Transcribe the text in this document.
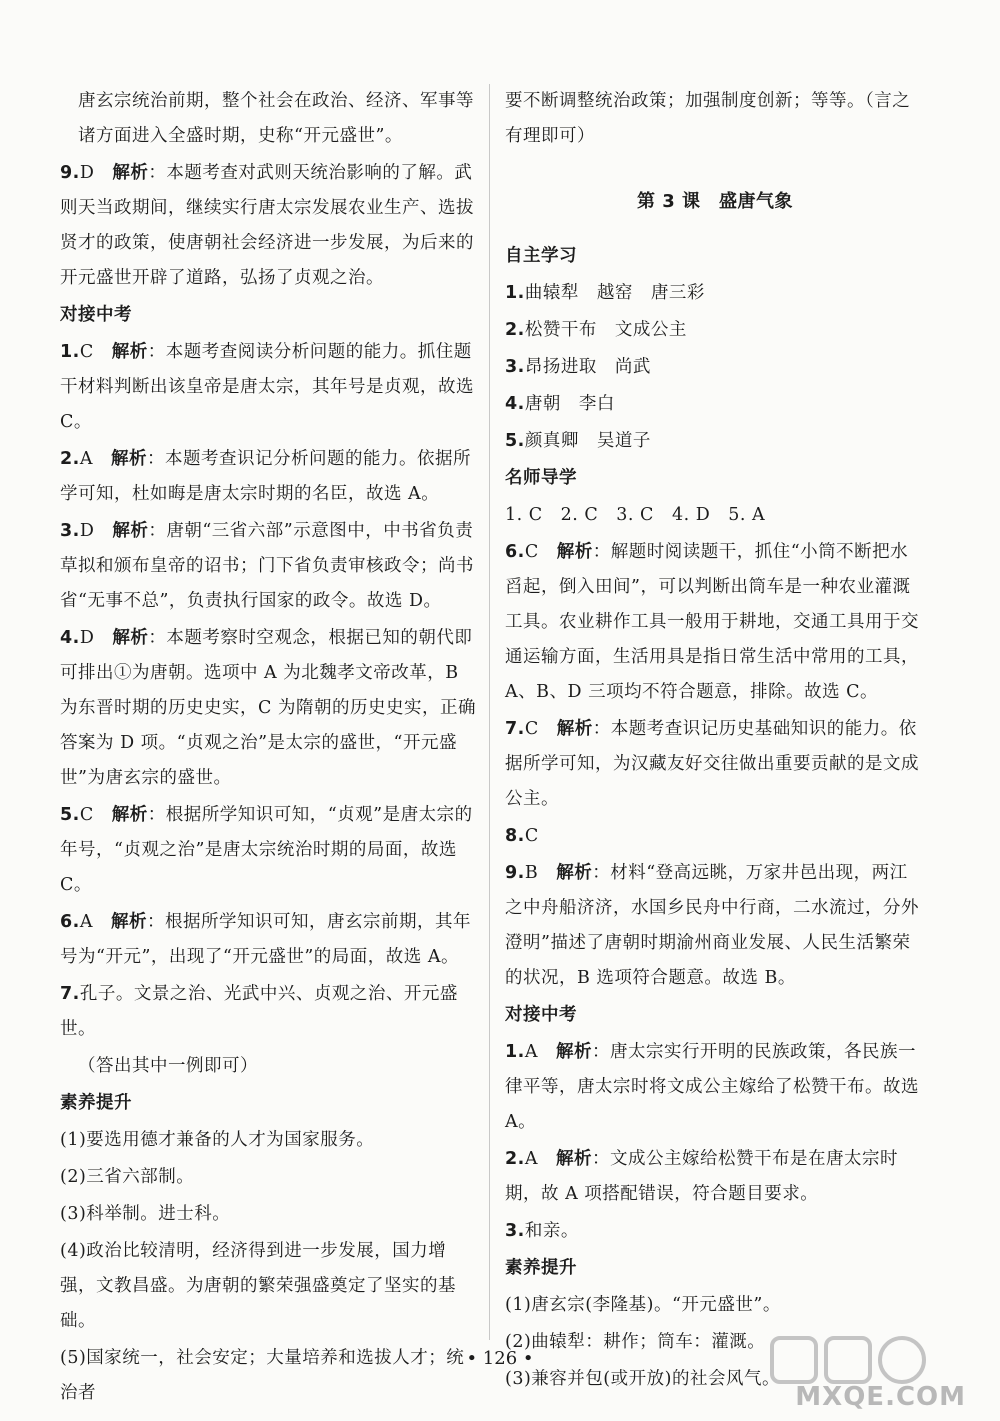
唐玄宗统治前期，整个社会在政治、经济、军事等诸方面进入全盛时期，史称“开元盛世”。
9.D　 解析：本题考查对武则天统治影响的了解。武则天当政期间，继续实行唐太宗发展农业生产、选拔贤才的政策，使唐朝社会经济进一步发展，为后来的开元盛世开辟了道路，弘扬了贞观之治。
对接中考
1.C　 解析：本题考查阅读分析问题的能力。抓住题干材料判断出该皇帝是唐太宗，其年号是贞观，故选 C。
2.A　 解析：本题考查识记分析问题的能力。依据所学可知，杜如晦是唐太宗时期的名臣，故选 A。
3.D　 解析：唐朝“三省六部”示意图中，中书省负责草拟和颁布皇帝的诏书；门下省负责审核政令；尚书省“无事不总”，负责执行国家的政令。故选 D。
4.D　 解析：本题考察时空观念，根据已知的朝代即可排出①为唐朝。选项中 A 为北魏孝文帝改革，B 为东晋时期的历史史实，C 为隋朝的历史史实，正确答案为 D 项。“贞观之治”是太宗的盛世，“开元盛世”为唐玄宗的盛世。
5.C　 解析：根据所学知识可知，“贞观”是唐太宗的年号，“贞观之治”是唐太宗统治时期的局面，故选 C。
6.A　 解析：根据所学知识可知，唐玄宗前期，其年号为“开元”，出现了“开元盛世”的局面，故选 A。
7.孔子。文景之治、光武中兴、贞观之治、开元盛世。
（答出其中一例即可）
素养提升
(1)要选用德才兼备的人才为国家服务。
(2)三省六部制。
(3)科举制。进士科。
(4)政治比较清明，经济得到进一步发展，国力增强，文教昌盛。为唐朝的繁荣强盛奠定了坚实的基础。
(5)国家统一，社会安定；大量培养和选拔人才；统治者
要不断调整统治政策；加强制度创新；等等。（言之有理即可）
第 3 课　盛唐气象
自主学习
1.曲辕犁　越窑　唐三彩
2.松赞干布　文成公主
3.昂扬进取　尚武
4.唐朝　李白
5.颜真卿　吴道子
名师导学
1. C　2. C　3. C　4. D　5. A
6.C　 解析：解题时阅读题干，抓住“小筒不断把水舀起，倒入田间”，可以判断出筒车是一种农业灌溉工具。农业耕作工具一般用于耕地，交通工具用于交通运输方面，生活用具是指日常生活中常用的工具，A、B、D 三项均不符合题意，排除。故选 C。
7.C　 解析：本题考查识记历史基础知识的能力。依据所学可知，为汉藏友好交往做出重要贡献的是文成公主。
8.C
9.B　 解析：材料“登高远眺，万家井邑出现，两江之中舟船济济，水国乡民舟中行商，二水流过，分外澄明”描述了唐朝时期渝州商业发展、人民生活繁荣的状况，B 选项符合题意。故选 B。
对接中考
1.A　 解析：唐太宗实行开明的民族政策，各民族一律平等，唐太宗时将文成公主嫁给了松赞干布。故选 A。
2.A　 解析：文成公主嫁给松赞干布是在唐太宗时期，故 A 项搭配错误，符合题目要求。
3.和亲。
素养提升
(1)唐玄宗(李隆基)。“开元盛世”。
(2)曲辕犁：耕作；筒车：灌溉。
(3)兼容并包(或开放)的社会风气。
• 126 •
MXQE.COM
